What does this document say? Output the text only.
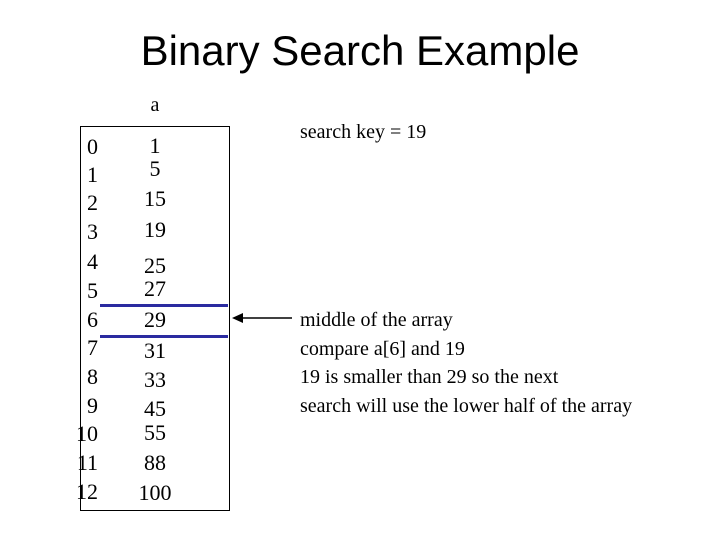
Binary Search Example
a
0
1
2
3
4
5
6
7
8
9
10
11
12
1
5
15
19
25
27
29
31
33
45
55
88
100
search key = 19
middle of the array
compare a[6] and 19
19 is smaller than 29 so the next
search will use the lower half of the array
